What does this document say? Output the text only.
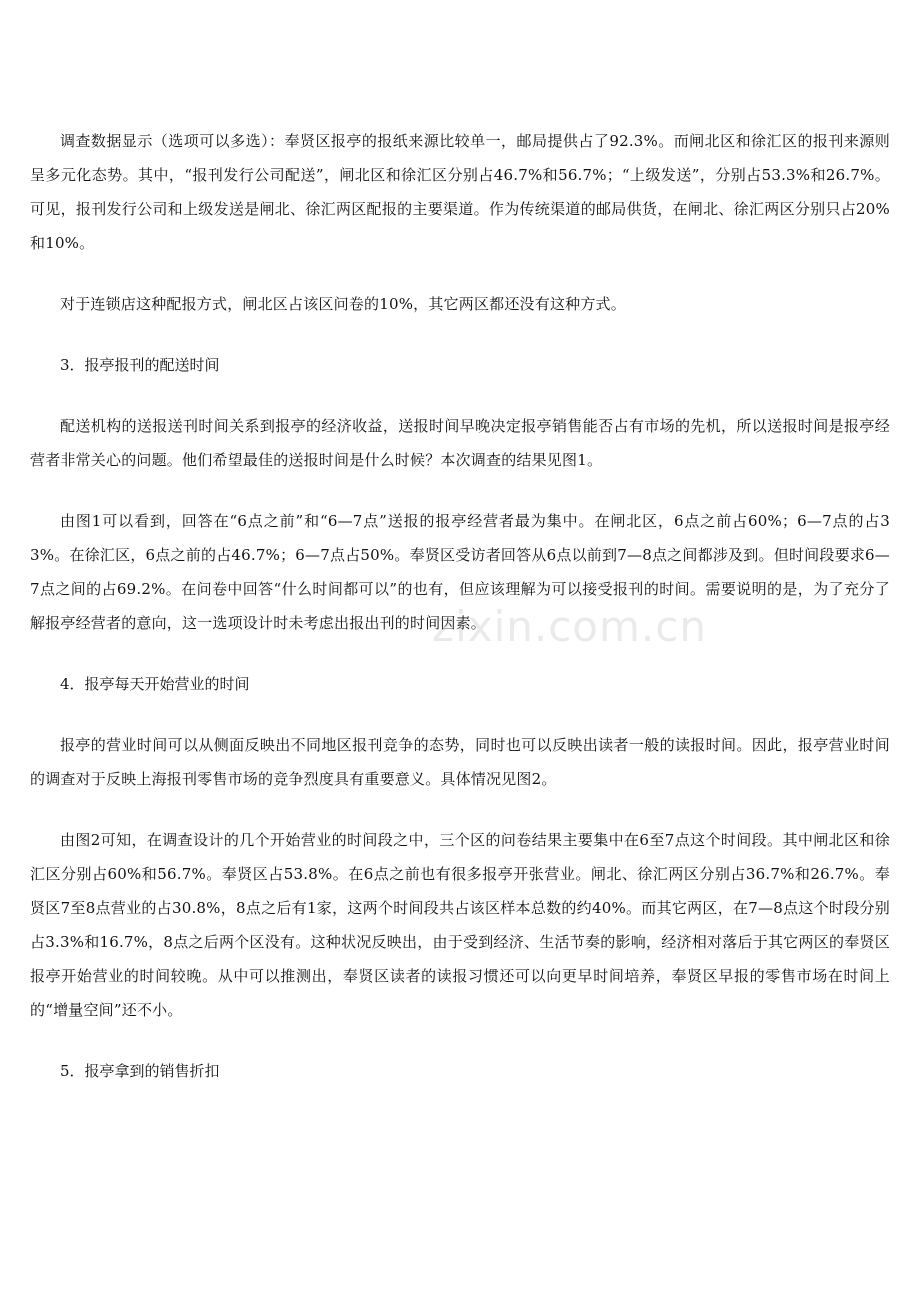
调查数据显示（选项可以多选）：奉贤区报亭的报纸来源比较单一，邮局提供占了92.3%。而闸北区和徐汇区的报刊来源则呈多元化态势。其中，“报刊发行公司配送”，闸北区和徐汇区分别占46.7%和56.7%；“上级发送”，分别占53.3%和26.7%。可见，报刊发行公司和上级发送是闸北、徐汇两区配报的主要渠道。作为传统渠道的邮局供货，在闸北、徐汇两区分别只占20%和10%。

对于连锁店这种配报方式，闸北区占该区问卷的10%，其它两区都还没有这种方式。

3．报亭报刊的配送时间

配送机构的送报送刊时间关系到报亭的经济收益，送报时间早晚决定报亭销售能否占有市场的先机，所以送报时间是报亭经营者非常关心的问题。他们希望最佳的送报时间是什么时候？本次调查的结果见图1。

由图1可以看到，回答在“6点之前”和“6—7点”送报的报亭经营者最为集中。在闸北区，6点之前占60%；6—7点的占33%。在徐汇区，6点之前的占46.7%；6—7点占50%。奉贤区受访者回答从6点以前到7—8点之间都涉及到。但时间段要求6—7点之间的占69.2%。在问卷中回答“什么时间都可以”的也有，但应该理解为可以接受报刊的时间。需要说明的是，为了充分了解报亭经营者的意向，这一选项设计时未考虑出报出刊的时间因素。

4．报亭每天开始营业的时间

报亭的营业时间可以从侧面反映出不同地区报刊竞争的态势，同时也可以反映出读者一般的读报时间。因此，报亭营业时间的调查对于反映上海报刊零售市场的竞争烈度具有重要意义。具体情况见图2。

由图2可知，在调查设计的几个开始营业的时间段之中，三个区的问卷结果主要集中在6至7点这个时间段。其中闸北区和徐汇区分别占60%和56.7%。奉贤区占53.8%。在6点之前也有很多报亭开张营业。闸北、徐汇两区分别占36.7%和26.7%。奉贤区7至8点营业的占30.8%，8点之后有1家，这两个时间段共占该区样本总数的约40%。而其它两区，在7—8点这个时段分别占3.3%和16.7%，8点之后两个区没有。这种状况反映出，由于受到经济、生活节奏的影响，经济相对落后于其它两区的奉贤区报亭开始营业的时间较晚。从中可以推测出，奉贤区读者的读报习惯还可以向更早时间培养，奉贤区早报的零售市场在时间上的“增量空间”还不小。

5．报亭拿到的销售折扣

zixin.com.cn
